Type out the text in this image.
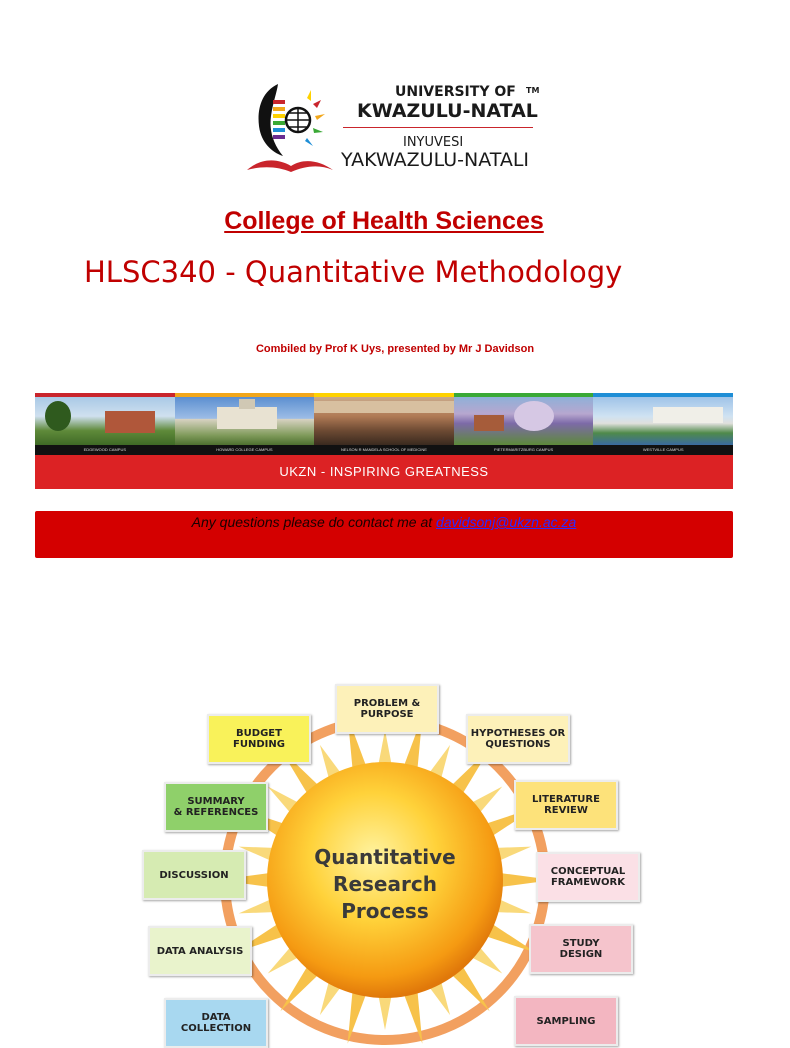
UNIVERSITY OF
KWAZULU-NATAL
TM
INYUVESI
YAKWAZULU-NATALI
College of Health Sciences
HLSC340 - Quantitative Methodology
Combiled by Prof K Uys, presented by Mr J Davidson
EDGEWOOD CAMPUS	HOWARD COLLEGE CAMPUS	NELSON R MANDELA SCHOOL OF MEDICINE	PIETERMARITZBURG CAMPUS	WESTVILLE CAMPUS
UKZN - INSPIRING GREATNESS
Any questions please do contact me at davidsonj@ukzn.ac.za
Quantitative
Research
Process
PROBLEM &
PURPOSE
HYPOTHESES OR
QUESTIONS
LITERATURE
REVIEW
CONCEPTUAL
FRAMEWORK
STUDY
DESIGN
SAMPLING
DATA COLLECTION
DATA ANALYSIS
DISCUSSION
SUMMARY
& REFERENCES
BUDGET
FUNDING
